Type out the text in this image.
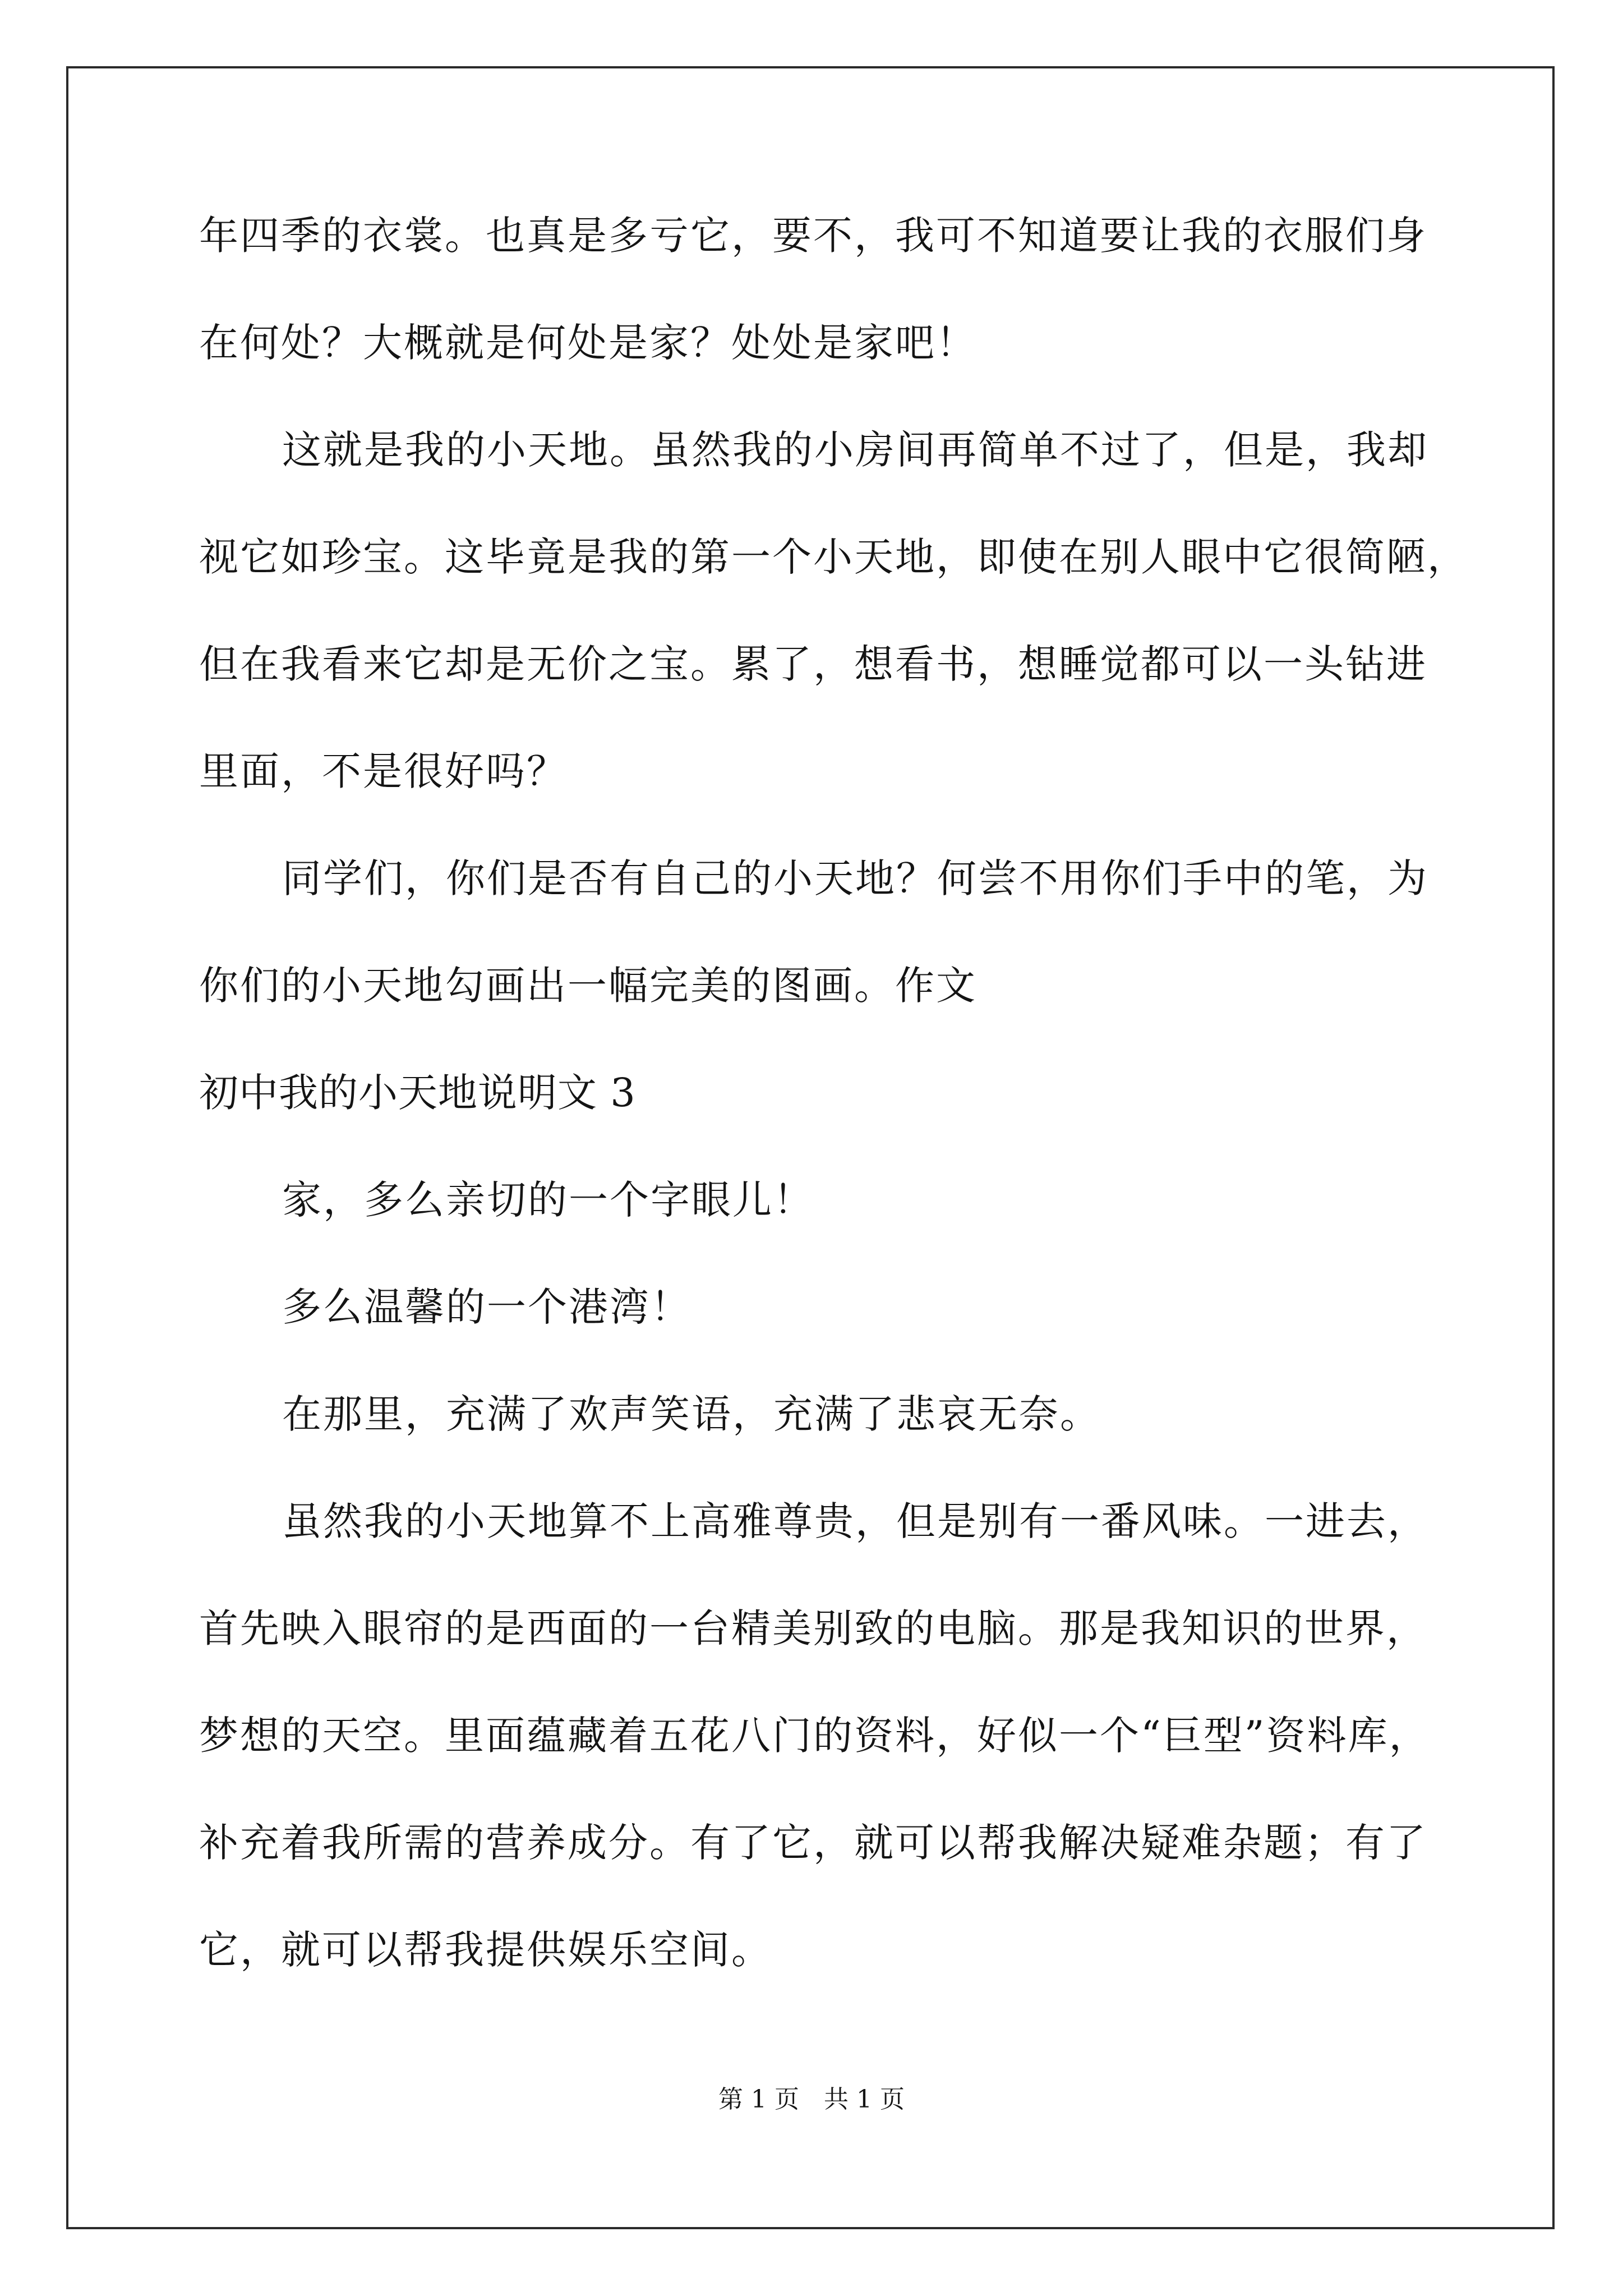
年四季的衣裳。也真是多亏它，要不，我可不知道要让我的衣服们身
在何处？大概就是何处是家？处处是家吧！
这就是我的小天地。虽然我的小房间再简单不过了，但是，我却
视它如珍宝。这毕竟是我的第一个小天地，即使在别人眼中它很简陋，
但在我看来它却是无价之宝。累了，想看书，想睡觉都可以一头钻进
里面，不是很好吗？
同学们，你们是否有自己的小天地？何尝不用你们手中的笔，为
你们的小天地勾画出一幅完美的图画。作文
初中我的小天地说明文 3
家，多么亲切的一个字眼儿！
多么温馨的一个港湾！
在那里，充满了欢声笑语，充满了悲哀无奈。
虽然我的小天地算不上高雅尊贵，但是别有一番风味。一进去，
首先映入眼帘的是西面的一台精美别致的电脑。那是我知识的世界，
梦想的天空。里面蕴藏着五花八门的资料，好似一个“巨型”资料库，
补充着我所需的营养成分。有了它，就可以帮我解决疑难杂题；有了
它，就可以帮我提供娱乐空间。
第 1 页　共 1 页
